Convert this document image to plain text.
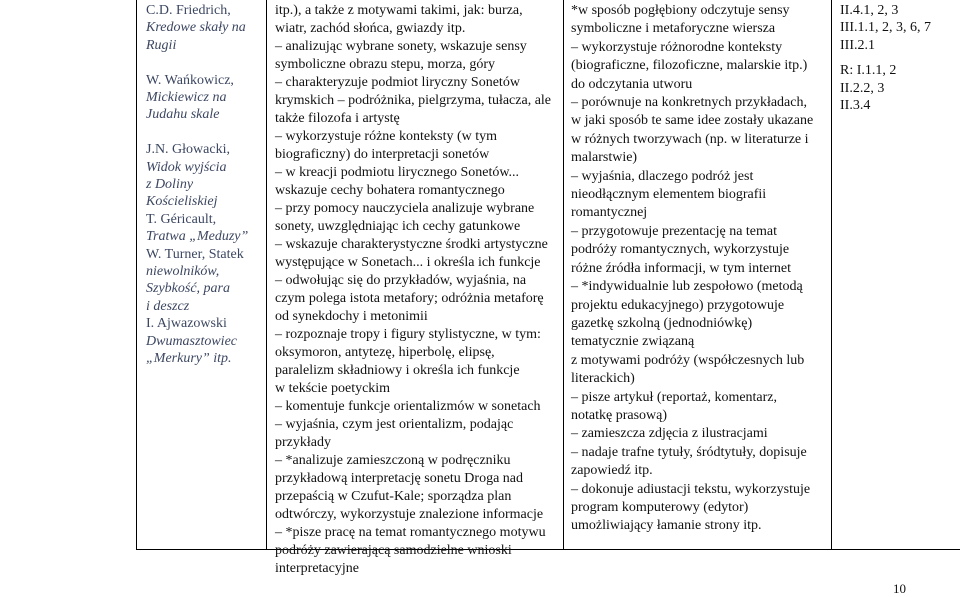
C.D. Friedrich,
Kredowe skały na
Rugii
W. Wańkowicz,
Mickiewicz na
Judahu skale
J.N. Głowacki,
Widok wyjścia
z Doliny
Kościeliskiej
T. Géricault,
Tratwa „Meduzy”
W. Turner, Statek
niewolników,
Szybkość, para
i deszcz
I. Ajwazowski
Dwumasztowiec
„Merkury” itp.
itp.), a także z motywami takimi, jak: burza,
wiatr, zachód słońca, gwiazdy itp.
– analizując wybrane sonety, wskazuje sensy
symboliczne obrazu stepu, morza, góry
– charakteryzuje podmiot liryczny Sonetów
krymskich – podróżnika, pielgrzyma, tułacza, ale
także filozofa i artystę
– wykorzystuje różne konteksty (w tym
biograficzny) do interpretacji sonetów
– w kreacji podmiotu lirycznego Sonetów...
wskazuje cechy bohatera romantycznego
– przy pomocy nauczyciela analizuje wybrane
sonety, uwzględniając ich cechy gatunkowe
– wskazuje charakterystyczne środki artystyczne
występujące w Sonetach... i określa ich funkcje
– odwołując się do przykładów, wyjaśnia, na
czym polega istota metafory; odróżnia metaforę
od synekdochy i metonimii
– rozpoznaje tropy i figury stylistyczne, w tym:
oksymoron, antytezę, hiperbolę, elipsę,
paralelizm składniowy i określa ich funkcje
w tekście poetyckim
– komentuje funkcje orientalizmów w sonetach
– wyjaśnia, czym jest orientalizm, podając
przykłady
– *analizuje zamieszczoną w podręczniku
przykładową interpretację sonetu Droga nad
przepaścią w Czufut-Kale; sporządza plan
odtwórczy, wykorzystuje znalezione informacje
– *pisze pracę na temat romantycznego motywu
podróży zawierającą samodzielne wnioski
interpretacyjne
*w sposób pogłębiony odczytuje sensy
symboliczne i metaforyczne wiersza
– wykorzystuje różnorodne konteksty
(biograficzne, filozoficzne, malarskie itp.)
do odczytania utworu
– porównuje na konkretnych przykładach,
w jaki sposób te same idee zostały ukazane
w różnych tworzywach (np. w literaturze i
malarstwie)
– wyjaśnia, dlaczego podróż jest
nieodłącznym elementem biografii
romantycznej
– przygotowuje prezentację na temat
podróży romantycznych, wykorzystuje
różne źródła informacji, w tym internet
– *indywidualnie lub zespołowo (metodą
projektu edukacyjnego) przygotowuje
gazetkę szkolną (jednodniówkę)
tematycznie związaną
z motywami podróży (współczesnych lub
literackich)
– pisze artykuł (reportaż, komentarz,
notatkę prasową)
– zamieszcza zdjęcia z ilustracjami
– nadaje trafne tytuły, śródtytuły, dopisuje
zapowiedź itp.
– dokonuje adiustacji tekstu, wykorzystuje
program komputerowy (edytor)
umożliwiający łamanie strony itp.
II.4.1, 2, 3
III.1.1, 2, 3, 6, 7
III.2.1
R: I.1.1, 2
II.2.2, 3
II.3.4
10
